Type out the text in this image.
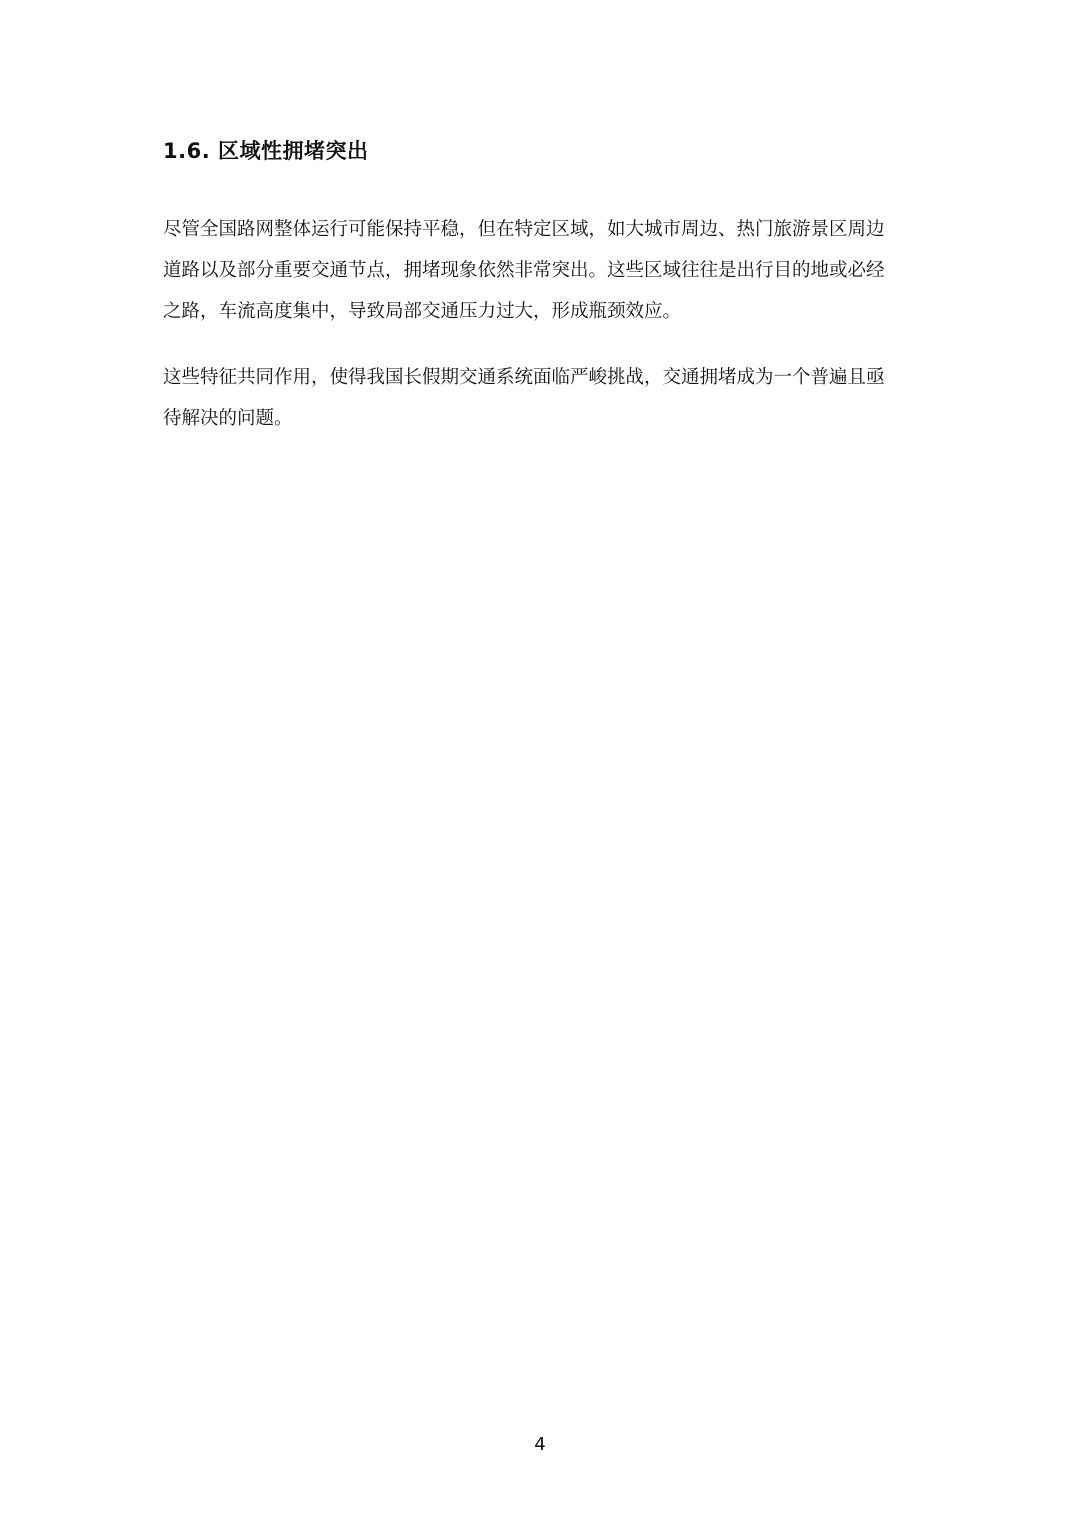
1.6. 区域性拥堵突出

尽管全国路网整体运行可能保持平稳，但在特定区域，如大城市周边、热门旅游景区周边
道路以及部分重要交通节点，拥堵现象依然非常突出。这些区域往往是出行目的地或必经
之路，车流高度集中，导致局部交通压力过大，形成瓶颈效应。

这些特征共同作用，使得我国长假期交通系统面临严峻挑战，交通拥堵成为一个普遍且亟
待解决的问题。

4
